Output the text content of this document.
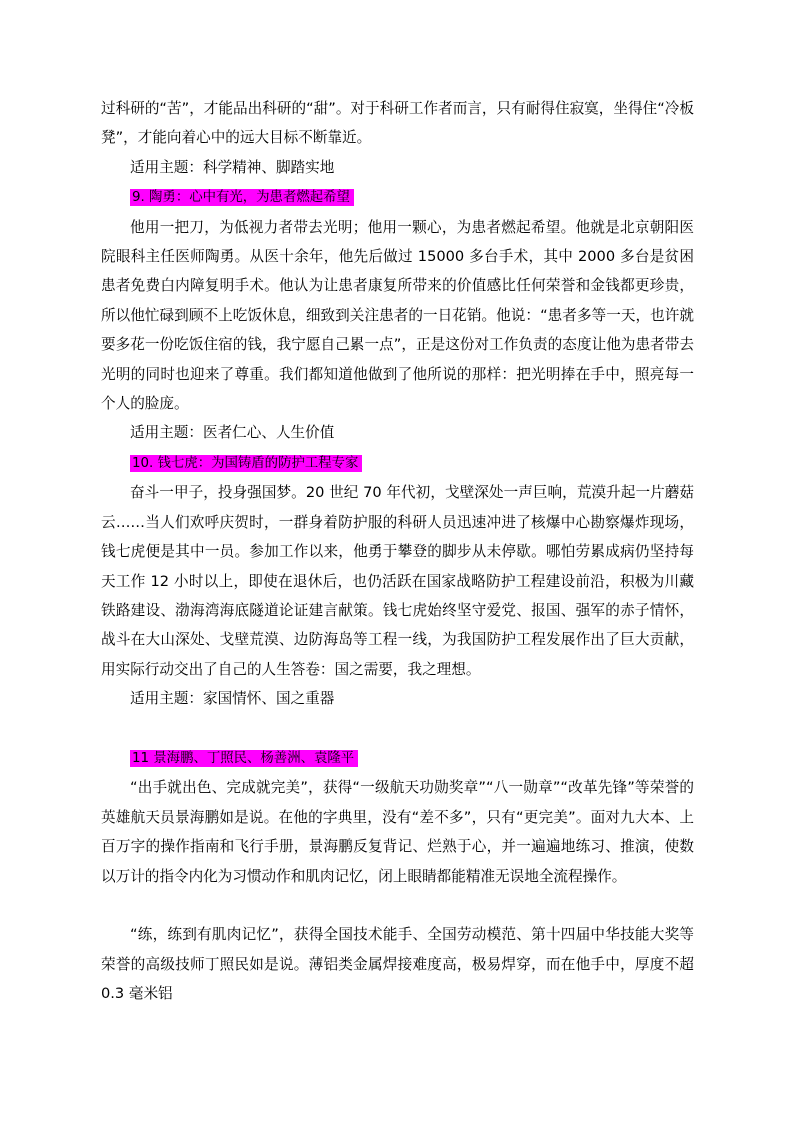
过科研的“苦”，才能品出科研的“甜”。对于科研工作者而言，只有耐得住寂寞，坐得住“冷板凳”，才能向着心中的远大目标不断靠近。

适用主题：科学精神、脚踏实地

9. 陶勇：心中有光，为患者燃起希望

他用一把刀，为低视力者带去光明；他用一颗心，为患者燃起希望。他就是北京朝阳医院眼科主任医师陶勇。从医十余年，他先后做过 15000 多台手术，其中 2000 多台是贫困患者免费白内障复明手术。他认为让患者康复所带来的价值感比任何荣誉和金钱都更珍贵，所以他忙碌到顾不上吃饭休息，细致到关注患者的一日花销。他说：“患者多等一天，也许就要多花一份吃饭住宿的钱，我宁愿自己累一点”，正是这份对工作负责的态度让他为患者带去光明的同时也迎来了尊重。我们都知道他做到了他所说的那样：把光明捧在手中，照亮每一个人的脸庞。

适用主题：医者仁心、人生价值

10. 钱七虎：为国铸盾的防护工程专家

奋斗一甲子，投身强国梦。20 世纪 70 年代初，戈壁深处一声巨响，荒漠升起一片蘑菇云……当人们欢呼庆贺时，一群身着防护服的科研人员迅速冲进了核爆中心勘察爆炸现场，钱七虎便是其中一员。参加工作以来，他勇于攀登的脚步从未停歇。哪怕劳累成病仍坚持每天工作 12 小时以上，即使在退休后，也仍活跃在国家战略防护工程建设前沿，积极为川藏铁路建设、渤海湾海底隧道论证建言献策。钱七虎始终坚守爱党、报国、强军的赤子情怀，战斗在大山深处、戈壁荒漠、边防海岛等工程一线，为我国防护工程发展作出了巨大贡献，用实际行动交出了自己的人生答卷：国之需要，我之理想。

适用主题：家国情怀、国之重器

11 景海鹏、丁照民、杨善洲、袁隆平

“出手就出色、完成就完美”，获得“一级航天功勋奖章”“八一勋章”“改革先锋”等荣誉的英雄航天员景海鹏如是说。在他的字典里，没有“差不多”，只有“更完美”。面对九大本、上百万字的操作指南和飞行手册，景海鹏反复背记、烂熟于心，并一遍遍地练习、推演，使数以万计的指令内化为习惯动作和肌肉记忆，闭上眼睛都能精准无误地全流程操作。

“练，练到有肌肉记忆”，获得全国技术能手、全国劳动模范、第十四届中华技能大奖等荣誉的高级技师丁照民如是说。薄铝类金属焊接难度高，极易焊穿，而在他手中，厚度不超 0.3 毫米铝
